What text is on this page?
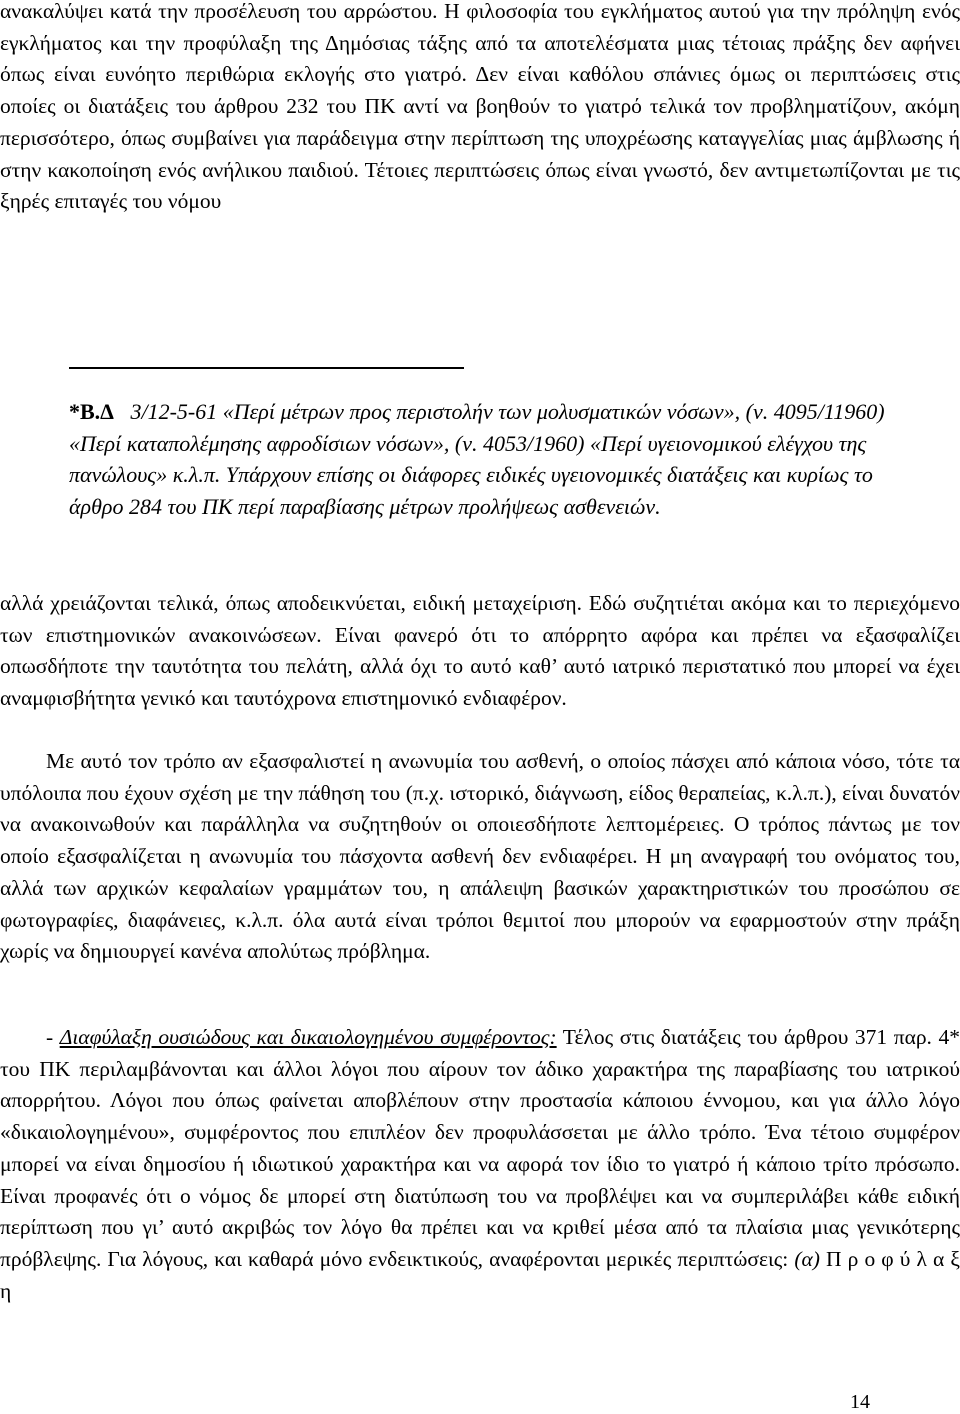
ανακαλύψει κατά την προσέλευση του αρρώστου. Η φιλοσοφία του εγκλήματος αυτού για την πρόληψη ενός εγκλήματος και την προφύλαξη της Δημόσιας τάξης από τα αποτελέσματα μιας τέτοιας πράξης δεν αφήνει όπως είναι ευνόητο περιθώρια εκλογής στο γιατρό. Δεν είναι καθόλου σπάνιες όμως οι περιπτώσεις στις οποίες οι διατάξεις του άρθρου 232 του ΠΚ αντί να βοηθούν το γιατρό τελικά τον προβληματίζουν, ακόμη περισσότερο, όπως συμβαίνει για παράδειγμα στην περίπτωση της υποχρέωσης καταγγελίας μιας άμβλωσης ή στην κακοποίηση ενός ανήλικου παιδιού. Τέτοιες περιπτώσεις όπως είναι γνωστό, δεν αντιμετωπίζονται με τις ξηρές επιταγές του νόμου

*Β.Δ 3/12-5-61 «Περί μέτρων προς περιστολήν των μολυσματικών νόσων», (ν. 4095/11960) «Περί καταπολέμησης αφροδίσιων νόσων», (ν. 4053/1960) «Περί υγειονομικού ελέγχου της πανώλους» κ.λ.π. Υπάρχουν επίσης οι διάφορες ειδικές υγειονομικές διατάξεις και κυρίως το άρθρο 284 του ΠΚ περί παραβίασης μέτρων προλήψεως ασθενειών.

αλλά χρειάζονται τελικά, όπως αποδεικνύεται, ειδική μεταχείριση. Εδώ συζητιέται ακόμα και το περιεχόμενο των επιστημονικών ανακοινώσεων. Είναι φανερό ότι το απόρρητο αφόρα και πρέπει να εξασφαλίζει οπωσδήποτε την ταυτότητα του πελάτη, αλλά όχι το αυτό καθ’ αυτό ιατρικό περιστατικό που μπορεί να έχει αναμφισβήτητα γενικό και ταυτόχρονα επιστημονικό ενδιαφέρον.

Με αυτό τον τρόπο αν εξασφαλιστεί η ανωνυμία του ασθενή, ο οποίος πάσχει από κάποια νόσο, τότε τα υπόλοιπα που έχουν σχέση με την πάθηση του (π.χ. ιστορικό, διάγνωση, είδος θεραπείας, κ.λ.π.), είναι δυνατόν να ανακοινωθούν και παράλληλα να συζητηθούν οι οποιεσδήποτε λεπτομέρειες. Ο τρόπος πάντως με τον οποίο εξασφαλίζεται η ανωνυμία του πάσχοντα ασθενή δεν ενδιαφέρει. Η μη αναγραφή του ονόματος του, αλλά των αρχικών κεφαλαίων γραμμάτων του, η απάλειψη βασικών χαρακτηριστικών του προσώπου σε φωτογραφίες, διαφάνειες, κ.λ.π. όλα αυτά είναι τρόποι θεμιτοί που μπορούν να εφαρμοστούν στην πράξη χωρίς να δημιουργεί κανένα απολύτως πρόβλημα.

- Διαφύλαξη ουσιώδους και δικαιολογημένου συμφέροντος: Τέλος στις διατάξεις του άρθρου 371 παρ. 4* του ΠΚ περιλαμβάνονται και άλλοι λόγοι που αίρουν τον άδικο χαρακτήρα της παραβίασης του ιατρικού απορρήτου. Λόγοι που όπως φαίνεται αποβλέπουν στην προστασία κάποιου έννομου, και για άλλο λόγο «δικαιολογημένου», συμφέροντος που επιπλέον δεν προφυλάσσεται με άλλο τρόπο. Ένα τέτοιο συμφέρον μπορεί να είναι δημοσίου ή ιδιωτικού χαρακτήρα και να αφορά τον ίδιο το γιατρό ή κάποιο τρίτο πρόσωπο. Είναι προφανές ότι ο νόμος δε μπορεί στη διατύπωση του να προβλέψει και να συμπεριλάβει κάθε ειδική περίπτωση που γι’ αυτό ακριβώς τον λόγο θα πρέπει και να κριθεί μέσα από τα πλαίσια μιας γενικότερης πρόβλεψης. Για λόγους, και καθαρά μόνο ενδεικτικούς, αναφέρονται μερικές περιπτώσεις: (α) Π ρ ο φ ύ λ α ξ η

14
